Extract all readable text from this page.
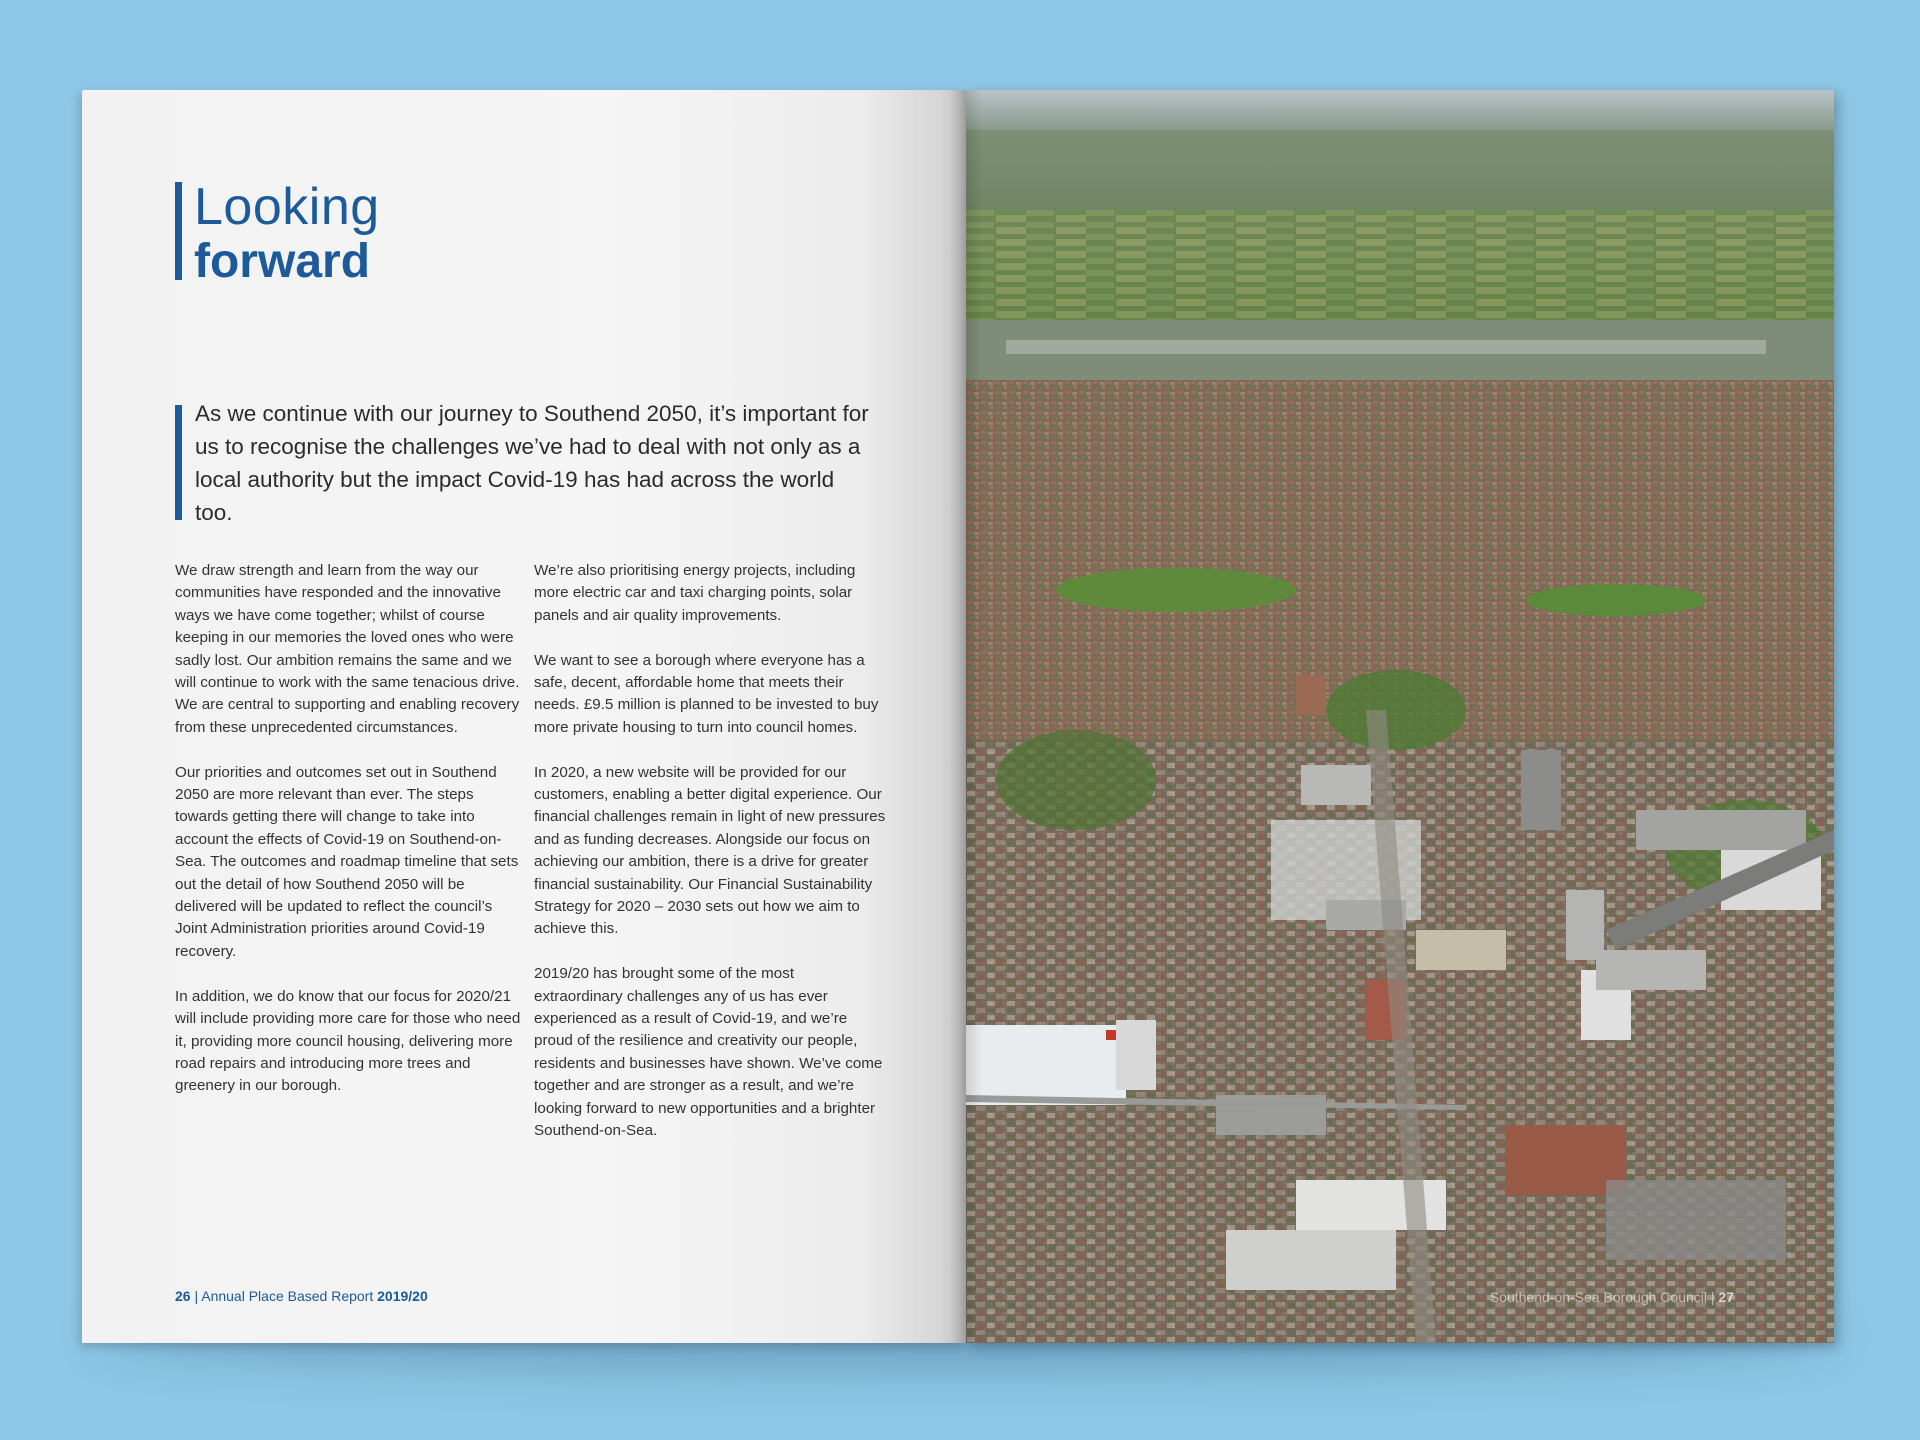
Looking
forward
As we continue with our journey to Southend 2050, it’s important for us to recognise the challenges we’ve had to deal with not only as a local authority but the impact Covid-19 has had across the world too.

We draw strength and learn from the way our communities have responded and the innovative ways we have come together; whilst of course keeping in our memories the loved ones who were sadly lost. Our ambition remains the same and we will continue to work with the same tenacious drive. We are central to supporting and enabling recovery from these unprecedented circumstances.

Our priorities and outcomes set out in Southend 2050 are more relevant than ever. The steps towards getting there will change to take into account the effects of Covid-19 on Southend-on-Sea. The outcomes and roadmap timeline that sets out the detail of how Southend 2050 will be delivered will be updated to reflect the council’s Joint Administration priorities around Covid-19 recovery.

In addition, we do know that our focus for 2020/21 will include providing more care for those who need it, providing more council housing, delivering more road repairs and introducing more trees and greenery in our borough.

We’re also prioritising energy projects, including more electric car and taxi charging points, solar panels and air quality improvements.

We want to see a borough where everyone has a safe, decent, affordable home that meets their needs. £9.5 million is planned to be invested to buy more private housing to turn into council homes.

In 2020, a new website will be provided for our customers, enabling a better digital experience. Our financial challenges remain in light of new pressures and as funding decreases. Alongside our focus on achieving our ambition, there is a drive for greater financial sustainability. Our Financial Sustainability Strategy for 2020 – 2030 sets out how we aim to achieve this.

2019/20 has brought some of the most extraordinary challenges any of us has ever experienced as a result of Covid-19, and we’re proud of the resilience and creativity our people, residents and businesses have shown. We’ve come together and are stronger as a result, and we’re looking forward to new opportunities and a brighter Southend-on-Sea.

26 | Annual Place Based Report 2019/20	Southend-on-Sea Borough Council | 27
